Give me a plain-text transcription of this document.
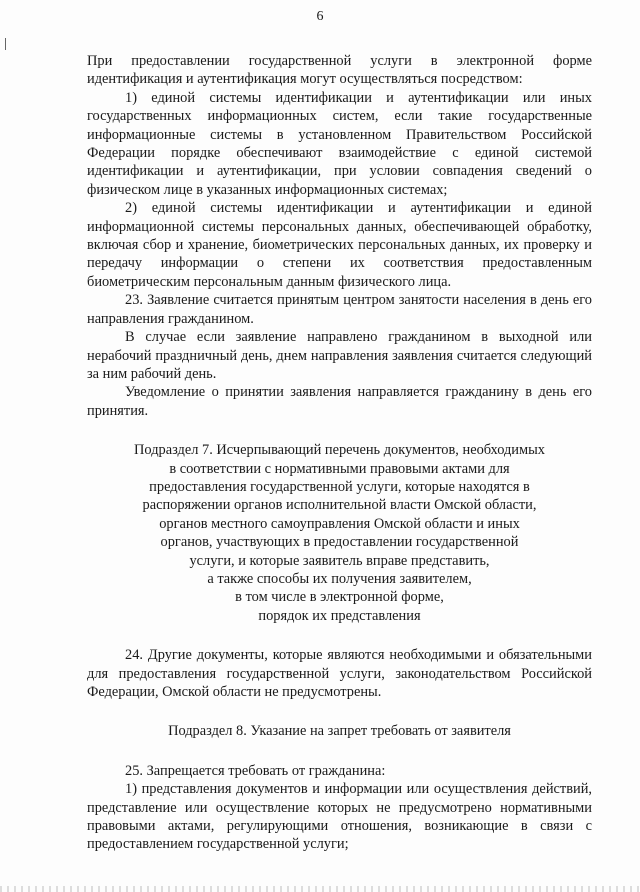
6

При предоставлении государственной услуги в электронной форме идентификация и аутентификация могут осуществляться посредством:

1) единой системы идентификации и аутентификации или иных государственных информационных систем, если такие государственные информационные системы в установленном Правительством Российской Федерации порядке обеспечивают взаимодействие с единой системой идентификации и аутентификации, при условии совпадения сведений о физическом лице в указанных информационных системах;

2) единой системы идентификации и аутентификации и единой информационной системы персональных данных, обеспечивающей обработку, включая сбор и хранение, биометрических персональных данных, их проверку и передачу информации о степени их соответствия предоставленным биометрическим персональным данным физического лица.

23. Заявление считается принятым центром занятости населения в день его направления гражданином.

В случае если заявление направлено гражданином в выходной или нерабочий праздничный день, днем направления заявления считается следующий за ним рабочий день.

Уведомление о принятии заявления направляется гражданину в день его принятия.

Подраздел 7. Исчерпывающий перечень документов, необходимых
в соответствии с нормативными правовыми актами для
предоставления государственной услуги, которые находятся в
распоряжении органов исполнительной власти Омской области,
органов местного самоуправления Омской области и иных
органов, участвующих в предоставлении государственной
услуги, и которые заявитель вправе представить,
а также способы их получения заявителем,
в том числе в электронной форме,
порядок их представления

24. Другие документы, которые являются необходимыми и обязательными для предоставления государственной услуги, законодательством Российской Федерации, Омской области не предусмотрены.

Подраздел 8. Указание на запрет требовать от заявителя

25. Запрещается требовать от гражданина:

1) представления документов и информации или осуществления действий, представление или осуществление которых не предусмотрено нормативными правовыми актами, регулирующими отношения, возникающие в связи с предоставлением государственной услуги;
